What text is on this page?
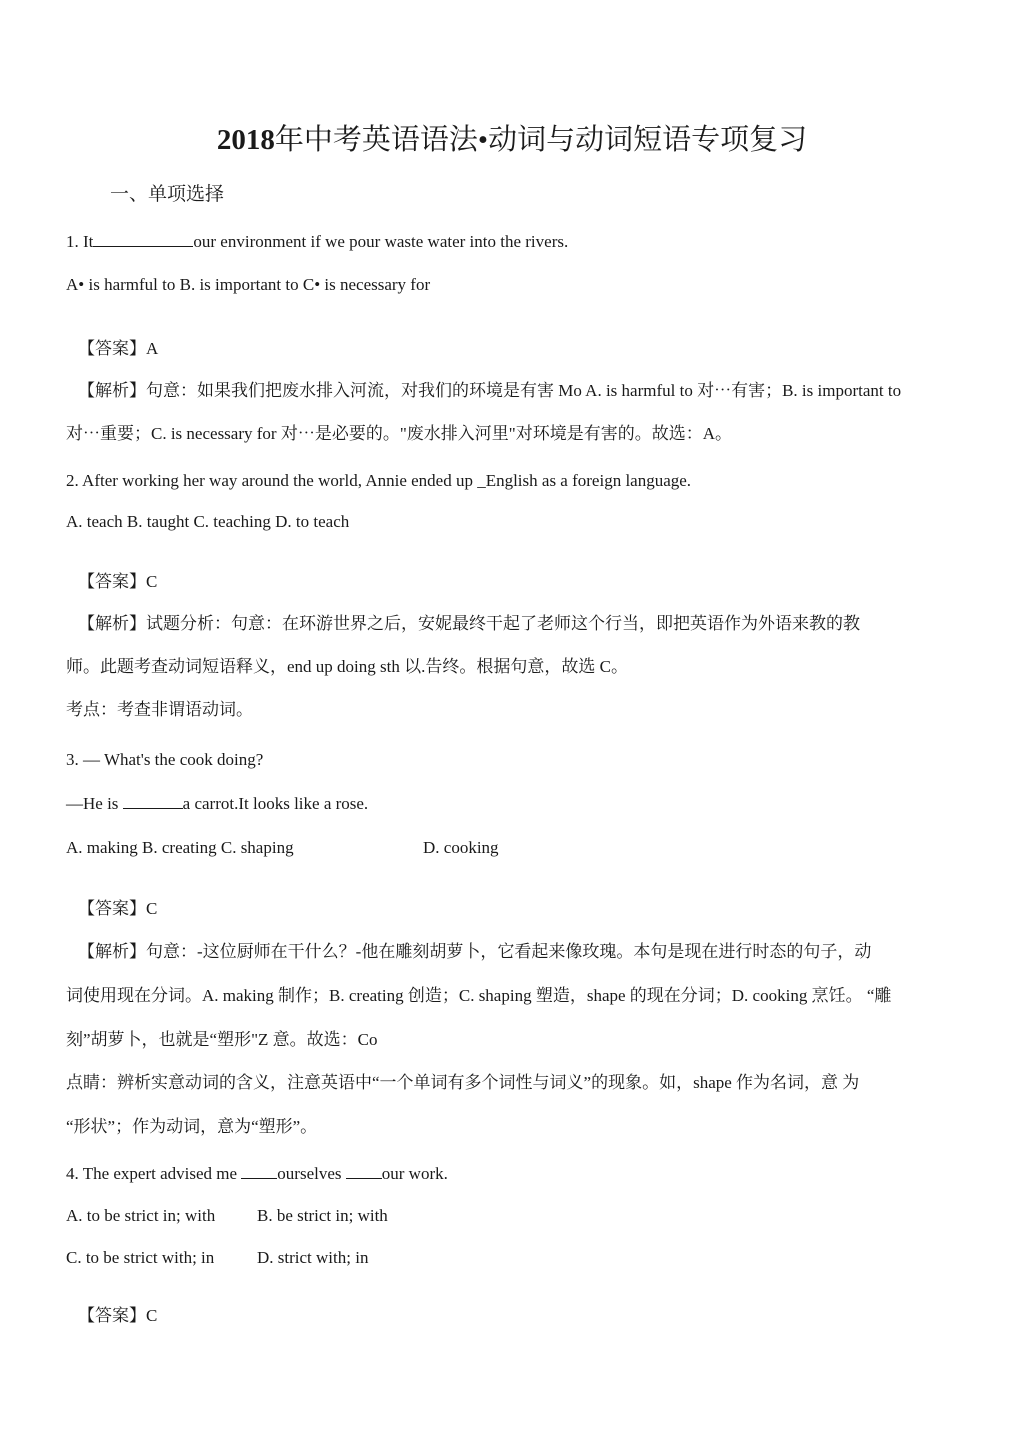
2018年中考英语语法•动词与动词短语专项复习
一、单项选择
1. It	our environment if we pour waste water into the rivers.
A• is harmful to B. is important to C• is necessary for
【答案】A
【解析】句意：如果我们把废水排入河流，对我们的环境是有害 Mo A. is harmful to 对⋯有害；B. is important to
对⋯重要；C. is necessary for 对⋯是必要的。"废水排入河里"对环境是有害的。故选：A。
2. After working her way around the world, Annie ended up _English as a foreign language.
A. teach B. taught C. teaching D. to teach
【答案】C
【解析】试题分析：句意：在环游世界之后，安妮最终干起了老师这个行当，即把英语作为外语来教的教
师。此题考查动词短语释义，end up doing sth 以.告终。根据句意，故选 C。
考点：考查非谓语动词。
3. — What's the cook doing?
—He is	a carrot.It looks like a rose.
A. making B. creating C. shaping	D. cooking
【答案】C
【解析】句意：-这位厨师在干什么？-他在雕刻胡萝卜，它看起来像玫瑰。本句是现在进行时态的句子，动
词使用现在分词。A. making 制作；B. creating 创造；C. shaping 塑造，shape 的现在分词；D. cooking 烹饪。 “雕
刻”胡萝卜，也就是“塑形"Z 意。故选：Co
点睛：辨析实意动词的含义，注意英语中“一个单词有多个词性与词义”的现象。如，shape 作为名词，意 为
“形状”；作为动词，意为“塑形”。
4. The expert advised me ourselves our work.
A. to be strict in; with B. be strict in; with
C. to be strict with; in	D. strict with; in
【答案】C
